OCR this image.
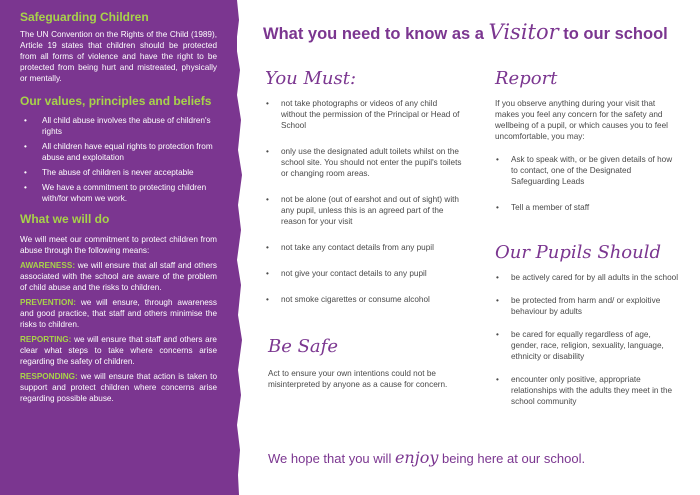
Safeguarding Children

The UN Convention on the Rights of the Child (1989), Article 19 states that children should be protected from all forms of violence and have the right to be protected from being hurt and mistreated, physically or mentally.

Our values, principles and beliefs
• All child abuse involves the abuse of children's rights
• All children have equal rights to protection from abuse and exploitation
• The abuse of children is never acceptable
• We have a commitment to protecting children with/for whom we work.
What we will do

We will meet our commitment to protect children from abuse through the following means:

AWARENESS: we will ensure that all staff and others associated with the school are aware of the problem of child abuse and the risks to children.

PREVENTION: we will ensure, through awareness and good practice, that staff and others minimise the risks to children.

REPORTING: we will ensure that staff and others are clear what steps to take where concerns arise regarding the safety of children.

RESPONDING: we will ensure that action is taken to support and protect children where concerns arise regarding possible abuse.

What you need to know as a Visitor to our school
You Must:
• not take photographs or videos of any child without the permission of the Principal or Head of School
• only use the designated adult toilets whilst on the school site. You should not enter the pupil's toilets or changing room areas.
• not be alone (out of earshot and out of sight) with any pupil, unless this is an agreed part of the reason for your visit
• not take any contact details from any pupil
• not give your contact details to any pupil
• not smoke cigarettes or consume alcohol
Be Safe

Act to ensure your own intentions could not be misinterpreted by anyone as a cause for concern.

Report

If you observe anything during your visit that makes you feel any concern for the safety and wellbeing of a pupil, or which causes you to feel uncomfortable, you may:

• Ask to speak with, or be given details of how to contact, one of the Designated Safeguarding Leads
• Tell a member of staff
Our Pupils Should
• be actively cared for by all adults in the school
• be protected from harm and/ or exploitive behaviour by adults
• be cared for equally regardless of age, gender, race, religion, sexuality, language, ethnicity or disability
• encounter only positive, appropriate relationships with the adults they meet in the school community
We hope that you will enjoy being here at our school.
